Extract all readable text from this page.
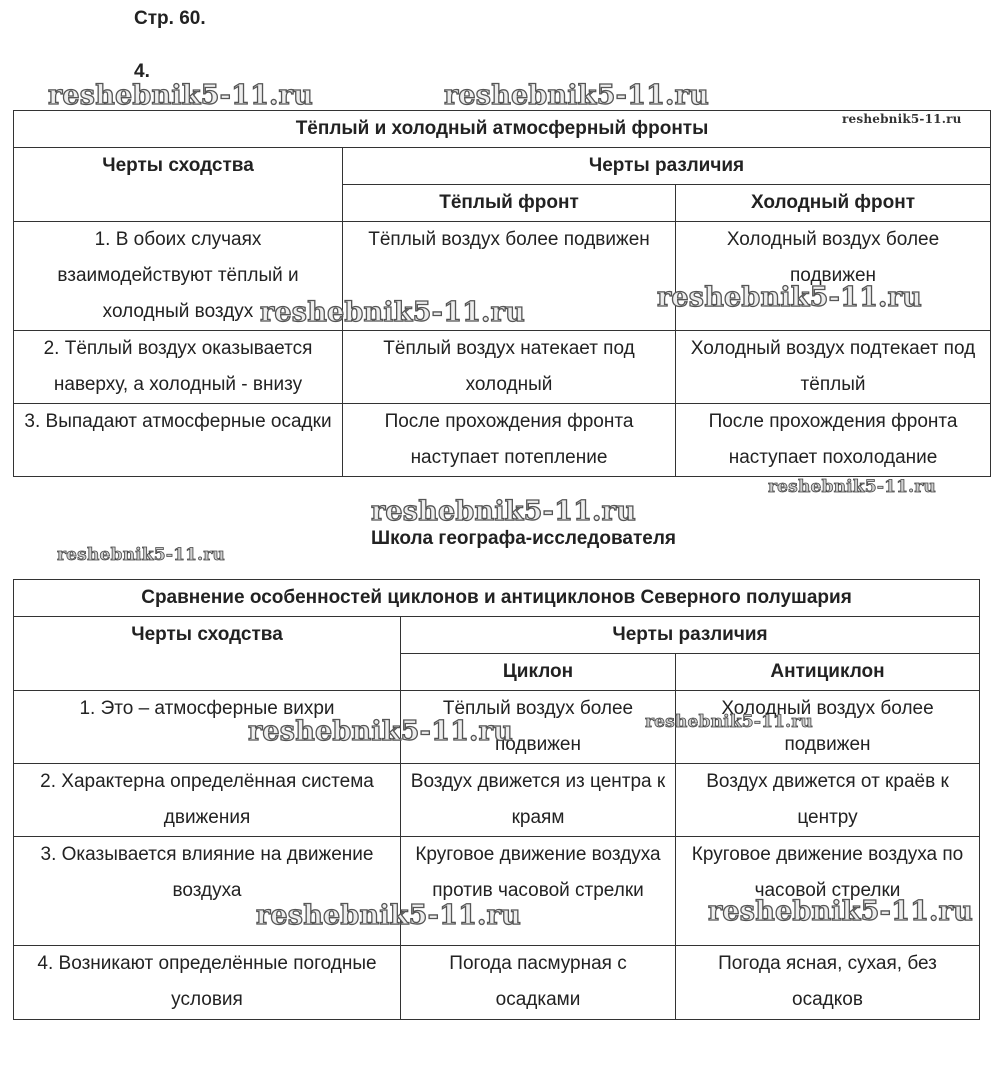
Стр. 60.
4.
Тёплый и холодный атмосферный фронты		
Черты сходства	Черты различия	
	Тёплый фронт	Холодный фронт
1. В обоих случаях взаимодействуют тёплый и холодный воздух	Тёплый воздух более подвижен	Холодный воздух более подвижен
2. Тёплый воздух оказывается наверху, а холодный - внизу	Тёплый воздух натекает под холодный	Холодный воздух подтекает под тёплый
3. Выпадают атмосферные осадки	После прохождения фронта наступает потепление	После прохождения фронта наступает похолодание
Школа географа-исследователя
Сравнение особенностей циклонов и антициклонов Северного полушария		
Черты сходства	Черты различия	
	Циклон	Антициклон
1. Это – атмосферные вихри	Тёплый воздух более подвижен	Холодный воздух более подвижен
2. Характерна определённая система движения	Воздух движется из центра к краям	Воздух движется от краёв к центру
3. Оказывается влияние на движение воздуха	Круговое движение воздуха против часовой стрелки	Круговое движение воздуха по часовой стрелки
4. Возникают определённые погодные условия	Погода пасмурная с осадками	Погода ясная, сухая, без осадков
reshebnik5-11.ru	reshebnik5-11.ru
reshebnik5-11.ru
reshebnik5-11.ru	reshebnik5-11.ru
reshebnik5-11.ru
reshebnik5-11.ru
reshebnik5-11.ru
reshebnik5-11.ru	reshebnik5-11.ru
reshebnik5-11.ru	reshebnik5-11.ru
